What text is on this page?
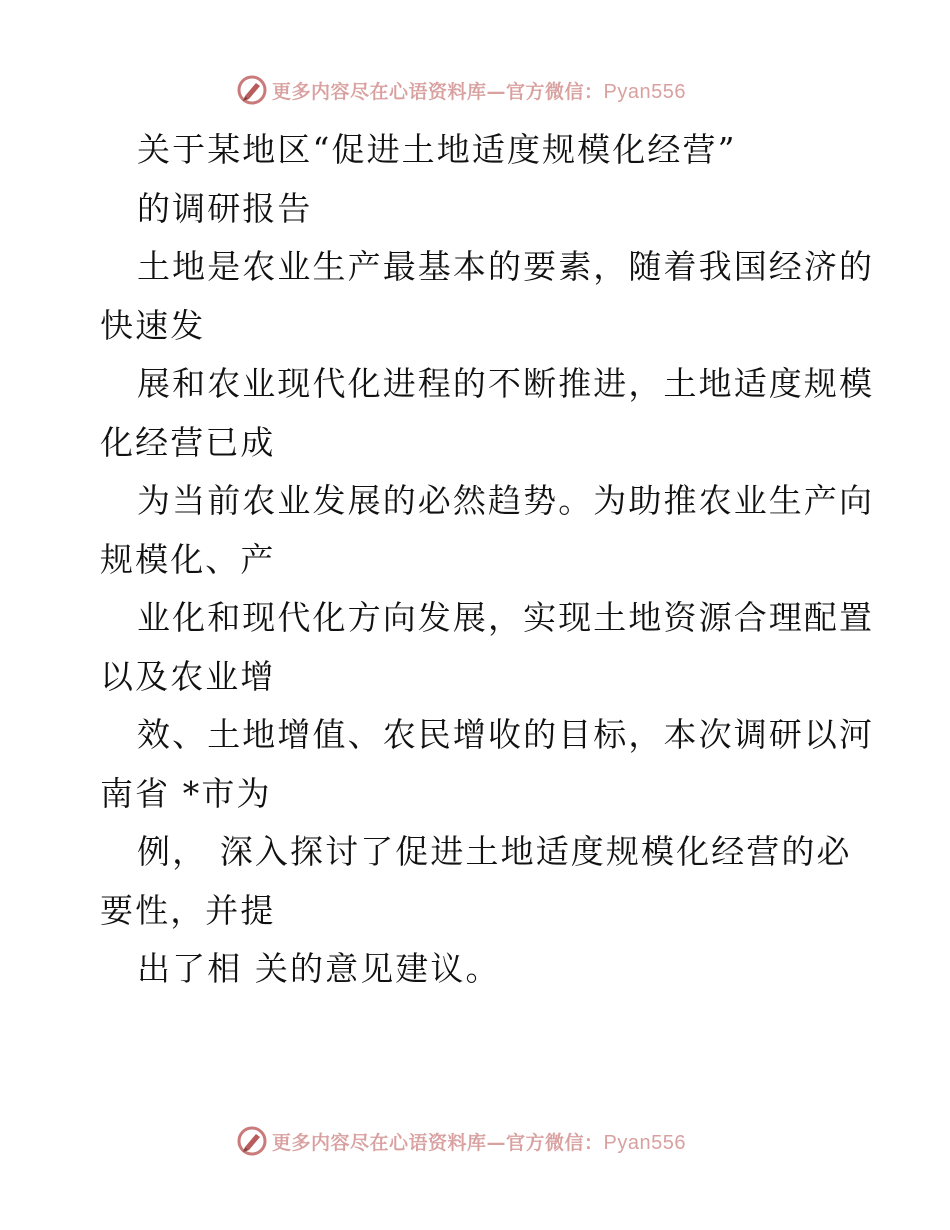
更多内容尽在心语资料库—官方微信：Pyan556
关于某地区“促进土地适度规模化经营”
的调研报告
土地是农业生产最基本的要素，随着我国经济的
快速发
展和农业现代化进程的不断推进，土地适度规模
化经营已成
为当前农业发展的必然趋势。为助推农业生产向
规模化、产
业化和现代化方向发展，实现土地资源合理配置
以及农业增
效、土地增值、农民增收的目标，本次调研以河
南省 *市为
例， 深入探讨了促进土地适度规模化经营的必
要性，并提
出了相 关的意见建议。
更多内容尽在心语资料库—官方微信：Pyan556
